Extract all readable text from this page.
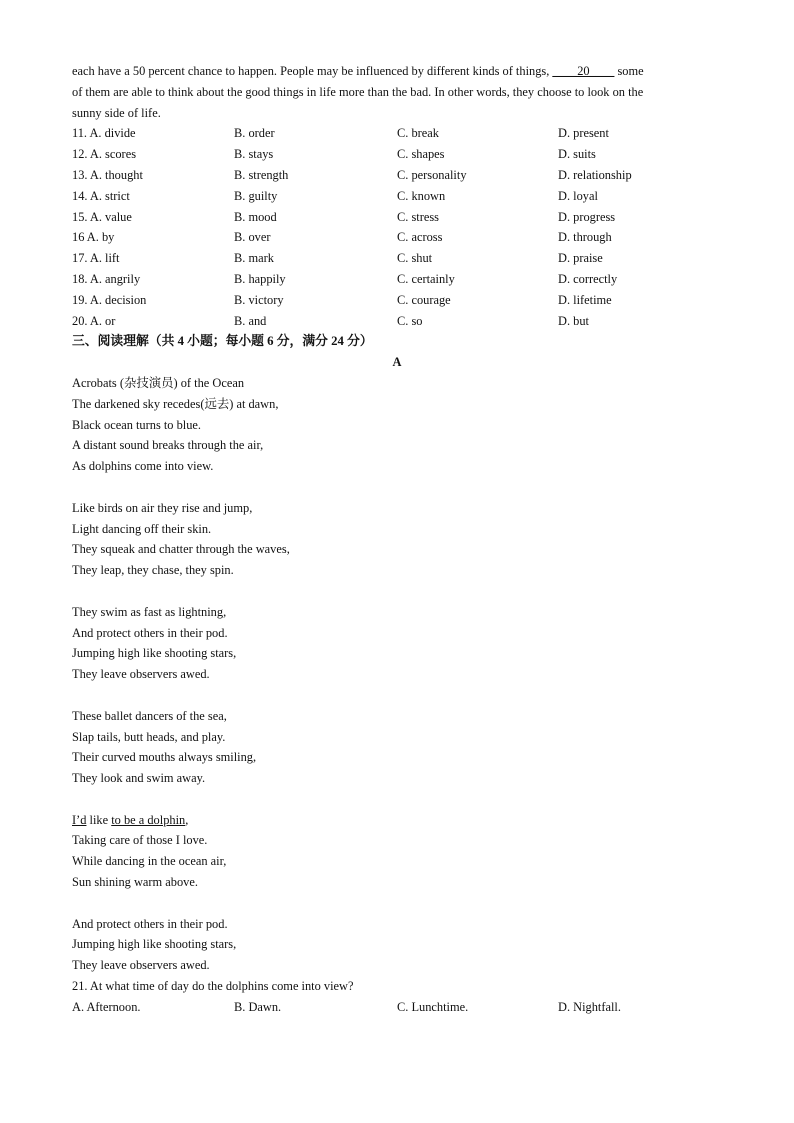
each have a 50 percent chance to happen. People may be influenced by different kinds of things, ____20____ some
of them are able to think about the good things in life more than the bad. In other words, they choose to look on the
sunny side of life.
11. A. divide	B. order	C. break	D. present
12. A. scores	B. stays	C. shapes	D. suits
13. A. thought	B. strength	C. personality	D. relationship
14. A. strict	B. guilty	C. known	D. loyal
15. A. value	B. mood	C. stress	D. progress
16 A. by	B. over	C. across	D. through
17. A. lift	B. mark	C. shut	D. praise
18. A. angrily	B. happily	C. certainly	D. correctly
19. A. decision	B. victory	C. courage	D. lifetime
20. A. or	B. and	C. so	D. but
三、阅读理解（共 4 小题；每小题 6 分，满分 24 分）
A
Acrobats (杂技演员) of the Ocean
The darkened sky recedes(远去) at dawn,
Black ocean turns to blue.
A distant sound breaks through the air,
As dolphins come into view.
Like birds on air they rise and jump,
Light dancing off their skin.
They squeak and chatter through the waves,
They leap, they chase, they spin.
They swim as fast as lightning,
And protect others in their pod.
Jumping high like shooting stars,
They leave observers awed.
These ballet dancers of the sea,
Slap tails, butt heads, and play.
Their curved mouths always smiling,
They look and swim away.
I’d like to be a dolphin,
Taking care of those I love.
While dancing in the ocean air,
Sun shining warm above.
And protect others in their pod.
Jumping high like shooting stars,
They leave observers awed.
21. At what time of day do the dolphins come into view?
A. Afternoon.	B. Dawn.	C. Lunchtime.	D. Nightfall.
